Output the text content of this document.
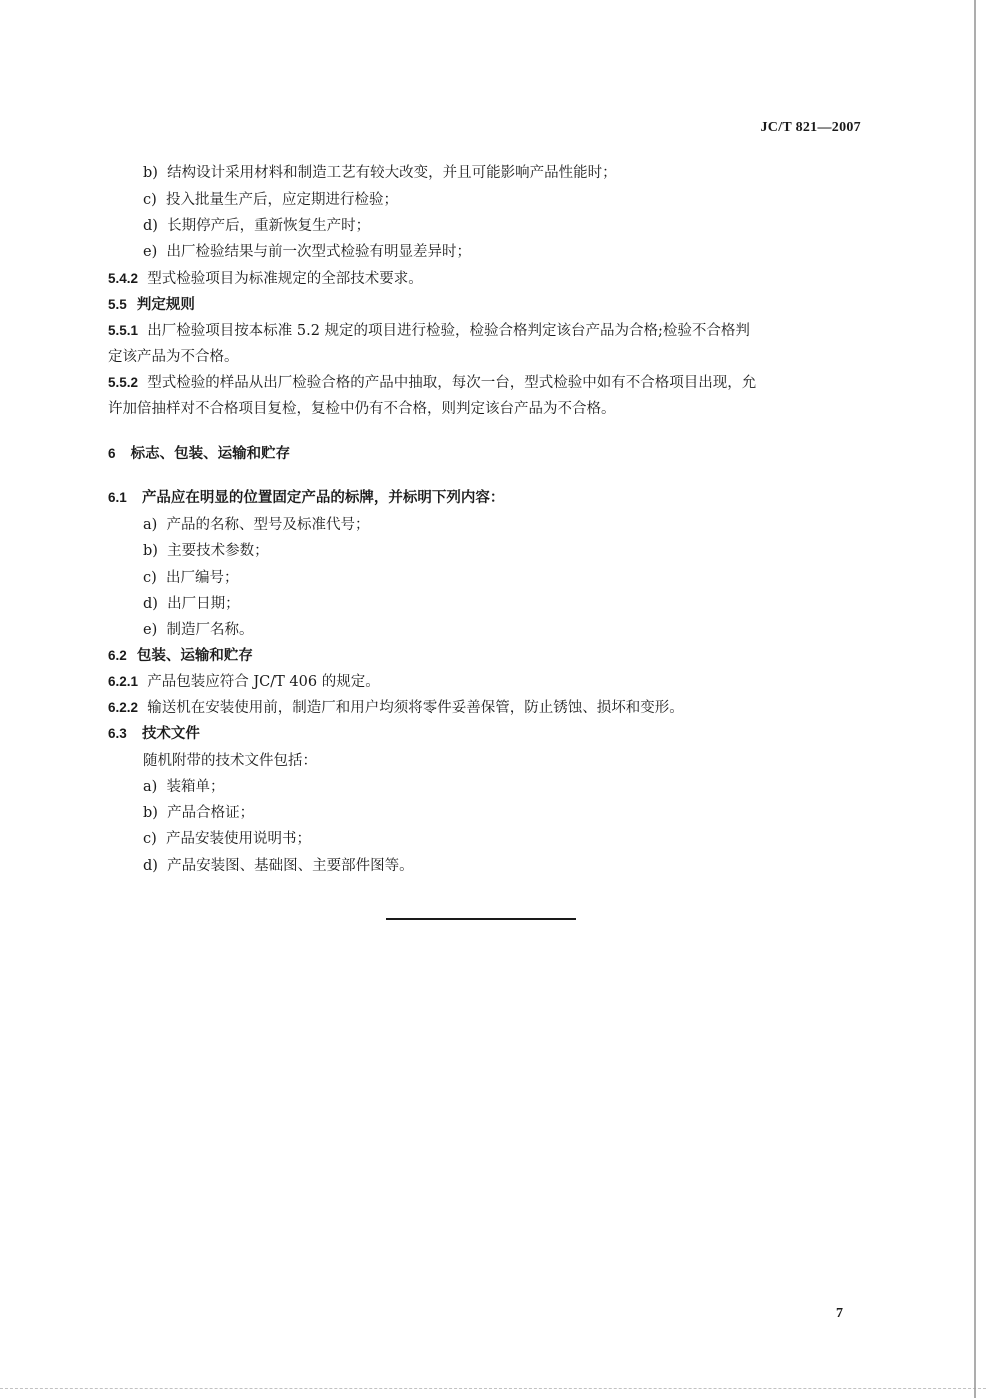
JC/T 821—2007
b) 结构设计采用材料和制造工艺有较大改变，并且可能影响产品性能时；
c) 投入批量生产后，应定期进行检验；
d) 长期停产后，重新恢复生产时；
e) 出厂检验结果与前一次型式检验有明显差异时；
5.4.2 型式检验项目为标准规定的全部技术要求。
5.5 判定规则
5.5.1 出厂检验项目按本标准 5.2 规定的项目进行检验，检验合格判定该台产品为合格;检验不合格判
定该产品为不合格。
5.5.2 型式检验的样品从出厂检验合格的产品中抽取，每次一台，型式检验中如有不合格项目出现，允
许加倍抽样对不合格项目复检，复检中仍有不合格，则判定该台产品为不合格。
6 标志、包装、运输和贮存
6.1 产品应在明显的位置固定产品的标牌，并标明下列内容：
a) 产品的名称、型号及标准代号；
b) 主要技术参数；
c) 出厂编号；
d) 出厂日期；
e) 制造厂名称。
6.2 包装、运输和贮存
6.2.1 产品包装应符合 JC/T 406 的规定。
6.2.2 输送机在安装使用前，制造厂和用户均须将零件妥善保管，防止锈蚀、损坏和变形。
6.3 技术文件
随机附带的技术文件包括：
a) 装箱单；
b) 产品合格证；
c) 产品安装使用说明书；
d) 产品安装图、基础图、主要部件图等。
7
